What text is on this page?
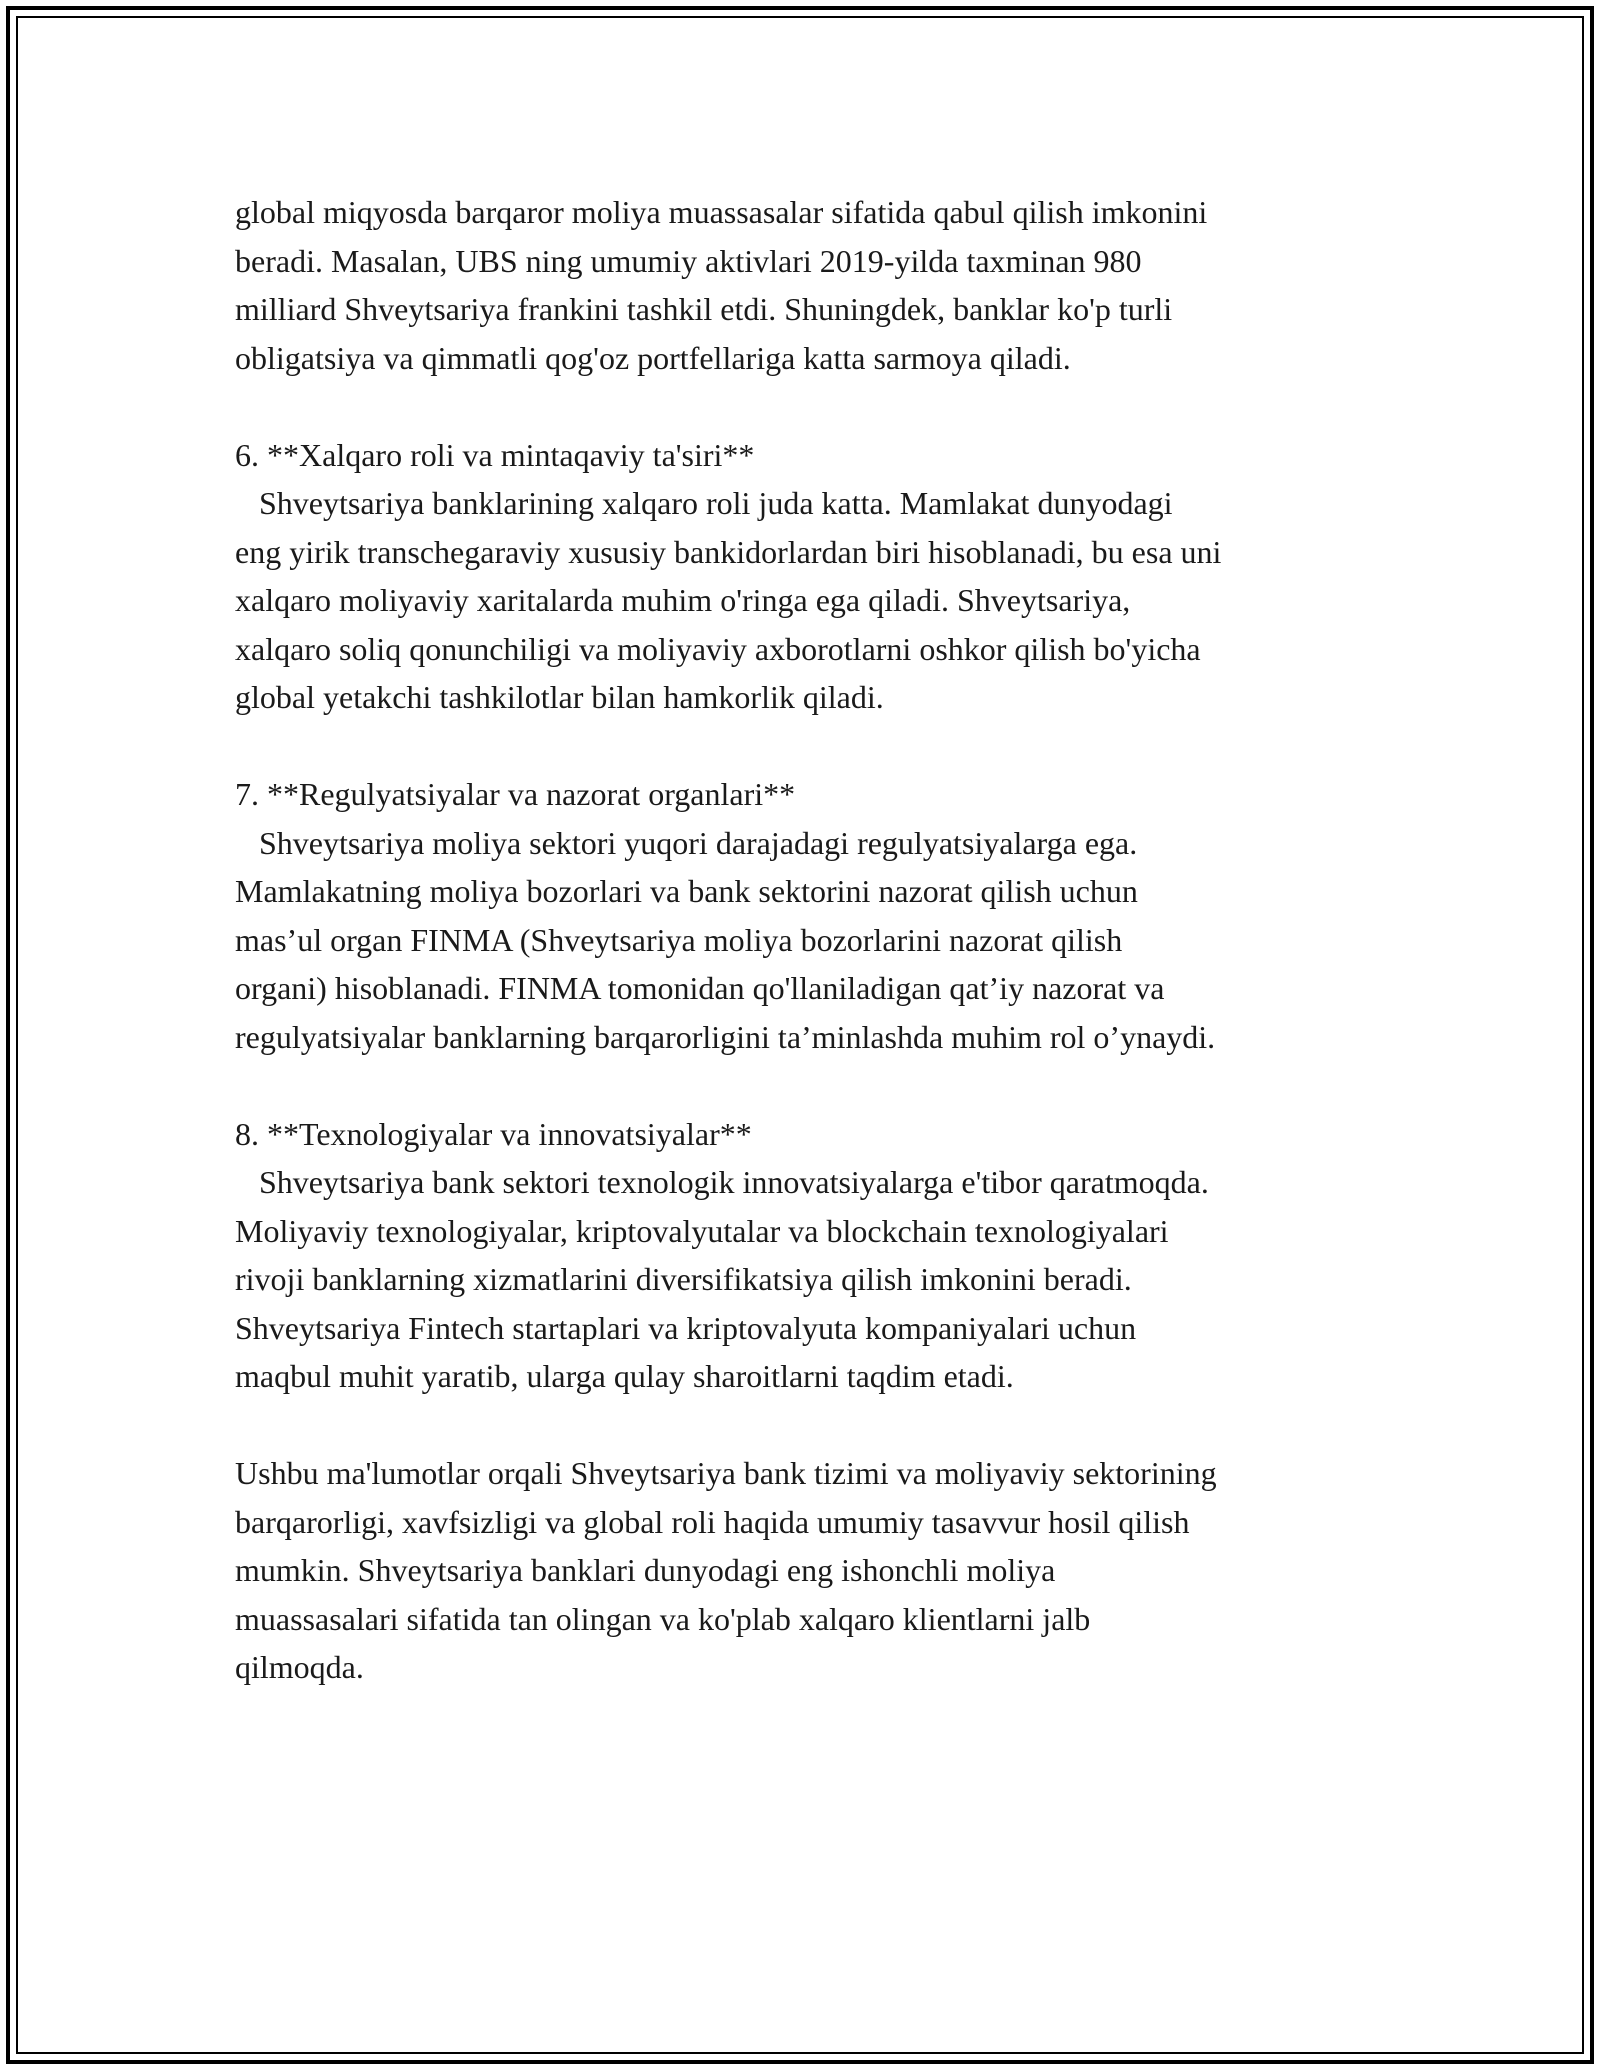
global miqyosda barqaror moliya muassasalar sifatida qabul qilish imkonini
beradi. Masalan, UBS ning umumiy aktivlari 2019-yilda taxminan 980
milliard Shveytsariya frankini tashkil etdi. Shuningdek, banklar ko'p turli
obligatsiya va qimmatli qog'oz portfellariga katta sarmoya qiladi.
6. **Xalqaro roli va mintaqaviy ta'siri**
Shveytsariya banklarining xalqaro roli juda katta. Mamlakat dunyodagi
eng yirik transchegaraviy xususiy bankidorlardan biri hisoblanadi, bu esa uni
xalqaro moliyaviy xaritalarda muhim o'ringa ega qiladi. Shveytsariya,
xalqaro soliq qonunchiligi va moliyaviy axborotlarni oshkor qilish bo'yicha
global yetakchi tashkilotlar bilan hamkorlik qiladi.
7. **Regulyatsiyalar va nazorat organlari**
Shveytsariya moliya sektori yuqori darajadagi regulyatsiyalarga ega.
Mamlakatning moliya bozorlari va bank sektorini nazorat qilish uchun
mas’ul organ FINMA (Shveytsariya moliya bozorlarini nazorat qilish
organi) hisoblanadi. FINMA tomonidan qo'llaniladigan qat’iy nazorat va
regulyatsiyalar banklarning barqarorligini ta’minlashda muhim rol o’ynaydi.
8. **Texnologiyalar va innovatsiyalar**
Shveytsariya bank sektori texnologik innovatsiyalarga e'tibor qaratmoqda.
Moliyaviy texnologiyalar, kriptovalyutalar va blockchain texnologiyalari
rivoji banklarning xizmatlarini diversifikatsiya qilish imkonini beradi.
Shveytsariya Fintech startaplari va kriptovalyuta kompaniyalari uchun
maqbul muhit yaratib, ularga qulay sharoitlarni taqdim etadi.
Ushbu ma'lumotlar orqali Shveytsariya bank tizimi va moliyaviy sektorining
barqarorligi, xavfsizligi va global roli haqida umumiy tasavvur hosil qilish
mumkin. Shveytsariya banklari dunyodagi eng ishonchli moliya
muassasalari sifatida tan olingan va ko'plab xalqaro klientlarni jalb
qilmoqda.
